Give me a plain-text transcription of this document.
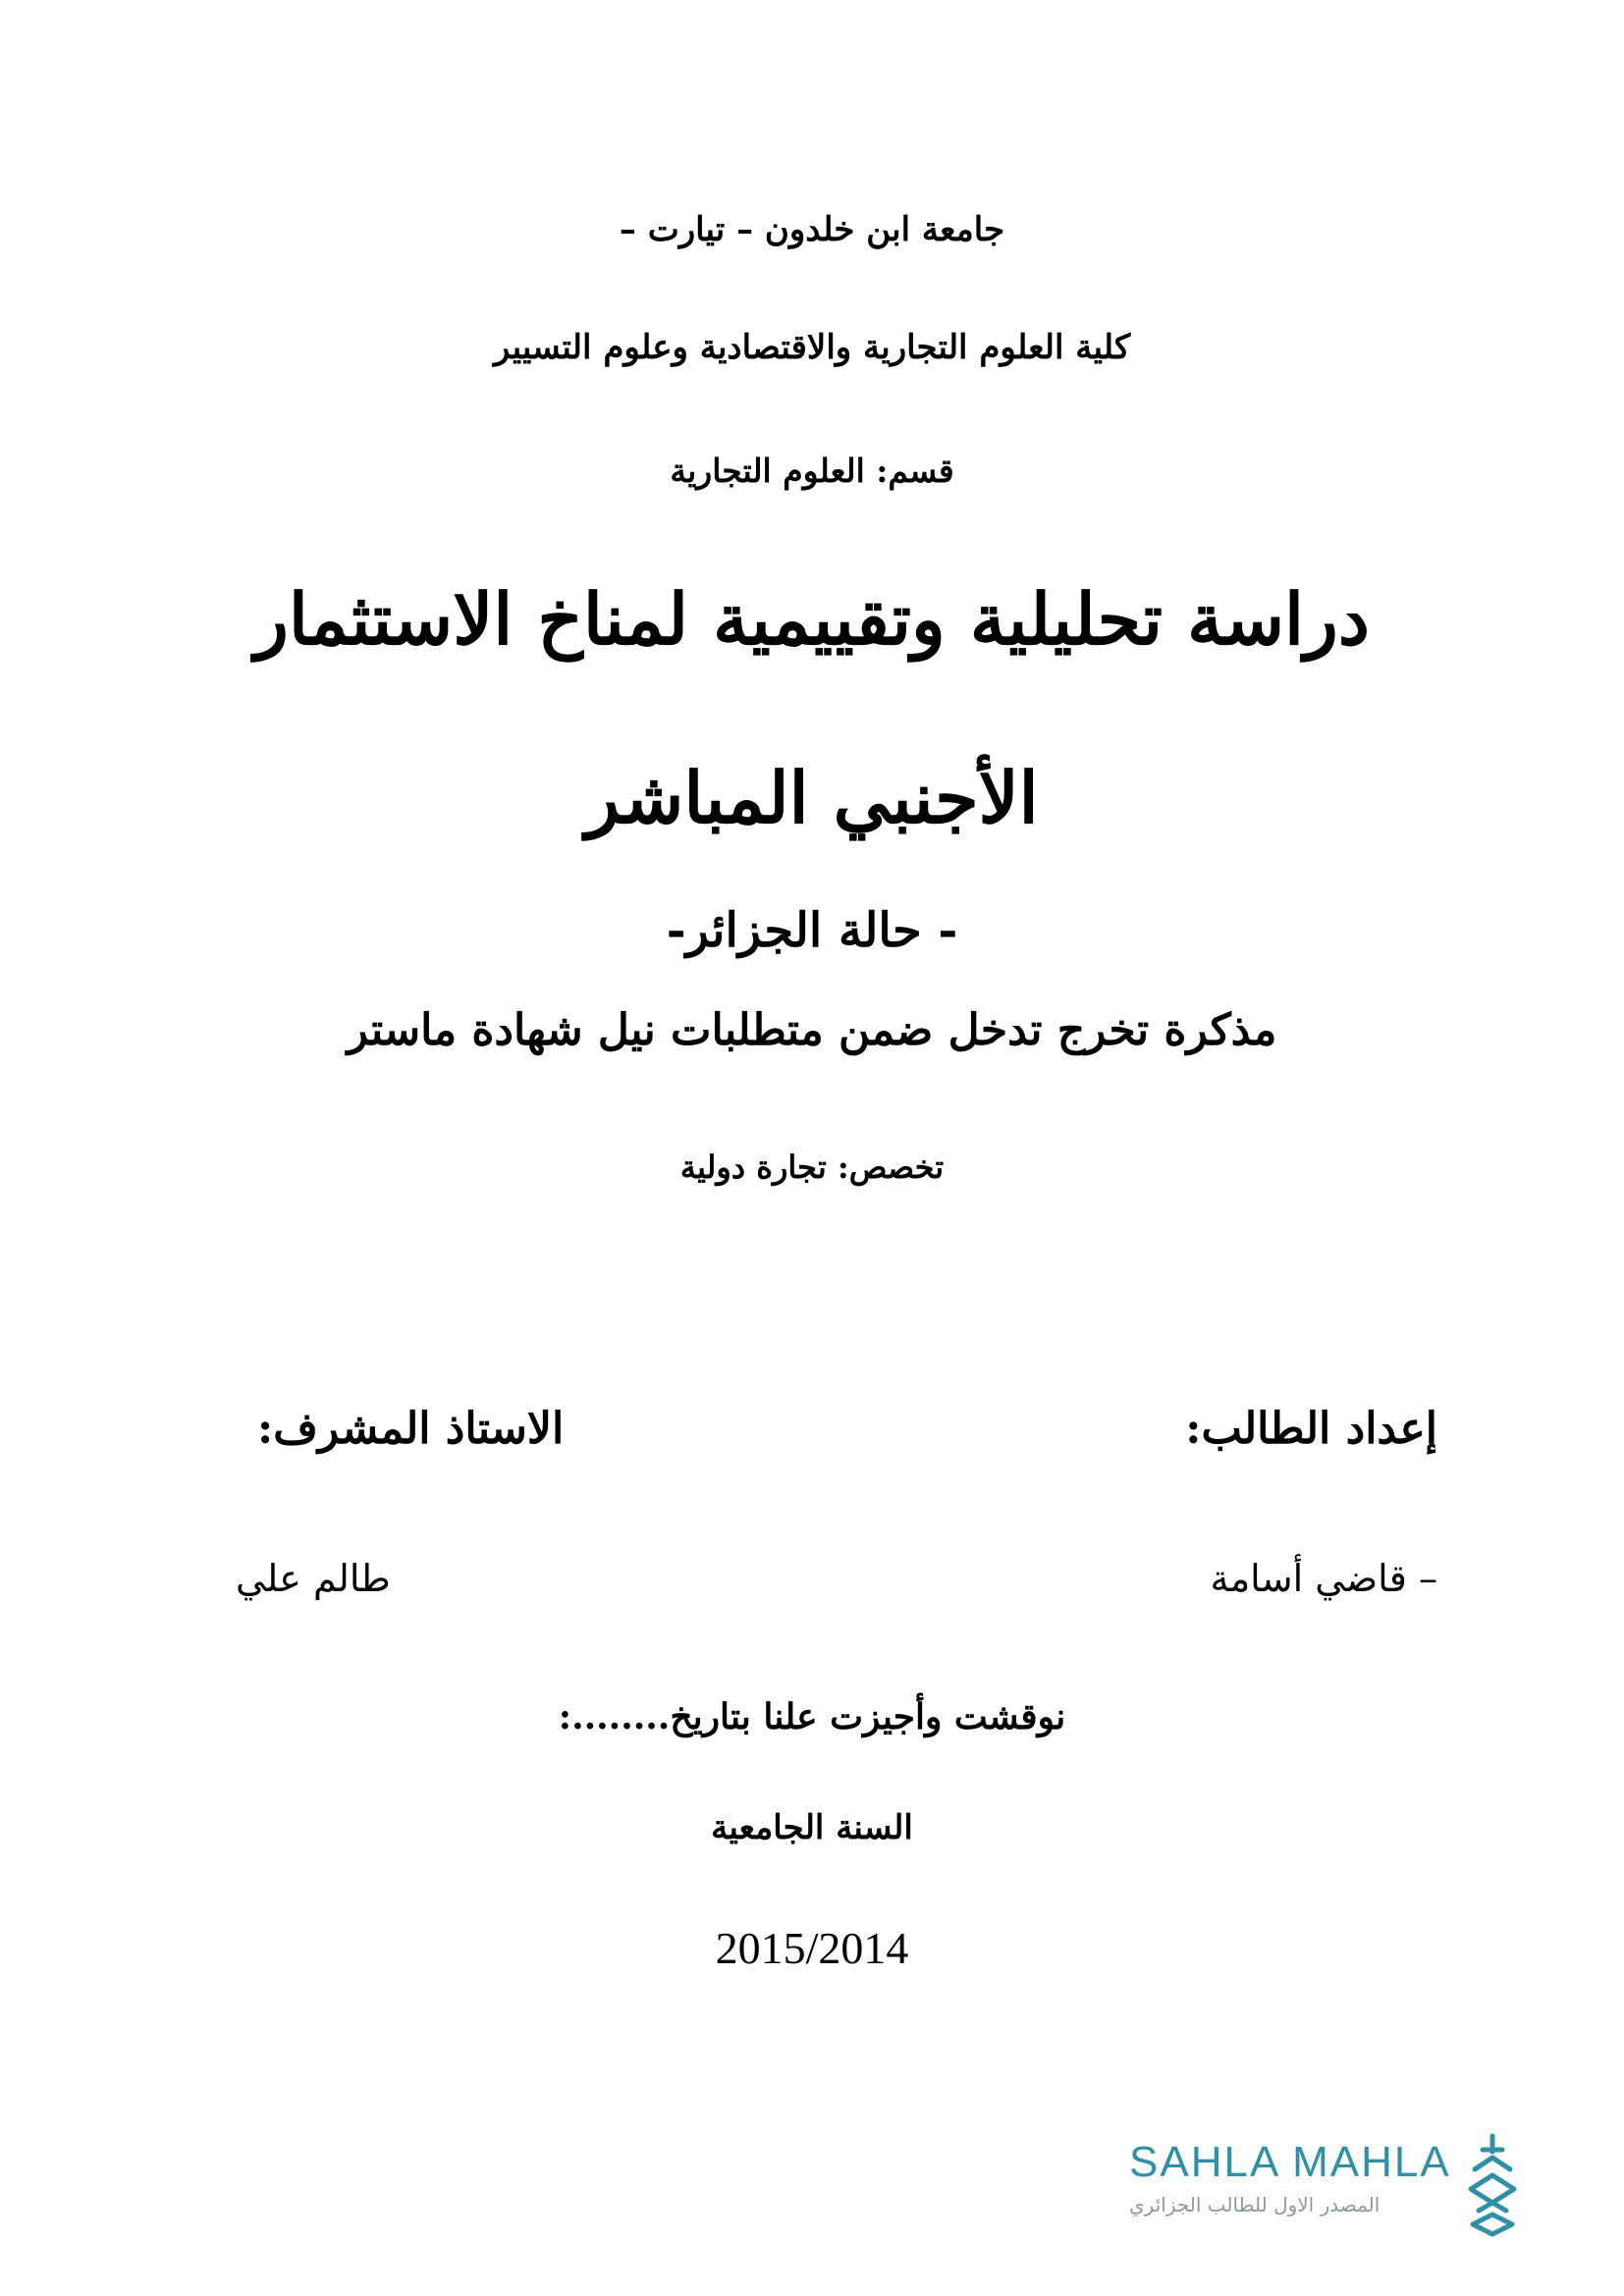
جامعة ابن خلدون – تيارت –
كلية العلوم التجارية والاقتصادية وعلوم التسيير
قسم: العلوم التجارية
دراسة تحليلية وتقييمية لمناخ الاستثمار
الأجنبي المباشر
- حالة الجزائر-
مذكرة تخرج تدخل ضمن متطلبات نيل شهادة ماستر
تخصص: تجارة دولية
إعداد الطالب:
الاستاذ المشرف:
– قاضي أسامة
طالم علي
نوقشت وأجيزت علنا بتاريخ........:
السنة الجامعية
2015/2014
SAHLA MAHLA
المصدر الاول للطالب الجزائري
